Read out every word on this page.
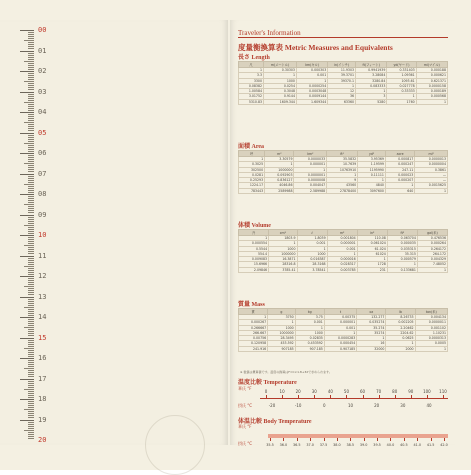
00
01
02
03
04
05
06
07
08
09
10
11
12
13
14
15
16
17
18
19
20
Traveler's Information
度量衡換算表 Metric Measures and Equivalents
長さ Length
尺	m(メートル)	km(キロ)	in(インチ)	ft(フィート)	yd(ヤード)	mi(マイル)
1	0.30303	0.000303	11.9303	0.9941939	0.331403	0.000188
3.3	1	0.001	39.3701	3.28084	1.09361	0.000621
3300	1000	1	39370.1	3280.84	1093.61	0.621371
0.08382	0.0254	0.0000254	1	0.083333	0.027778	0.0000158
1.00584	0.3048	0.0003048	12	1	0.33333	0.000189
3.01752	0.9144	0.0009144	36	3	1	0.000568
5310.83	1609.344	1.609344	63360	5280	1760	1
面積 Area
坪	m²	km²	ft²	yd²	acre	mi²
1	3.30579	0.0000033	35.5832	3.95369	0.000817	0.0000013
0.3025	1	0.000001	10.7639	1.19599	0.000247	0.0000004
302500	1000000	1	10763910	1195990	247.11	0.3861
0.0281	0.092903	0.0000001	1	0.11111	0.000023	—
0.25293	0.836127	0.0000008	9	1	0.000207	—
1224.17	4046.86	0.004047	43560	4840	1	0.0015625
783443	2589988	2.589988	27878400	3097600	640	1
体積 Volume
升	cm³	ℓ	m³	in³	ft³	gal(米)
1	1803.9	1.8039	0.001804	110.08	0.063704	0.476536
0.000554	1	0.001	0.000001	0.061024	0.000035	0.000264
0.5544	1000	1	0.001	61.024	0.035315	0.264172
554.4	1000000	1000	1	61024	35.315	264.172
0.009083	16.3871	0.016387	0.000016	1	0.000579	0.004329
15.6966	28316.8	28.3168	0.028317	1728	1	7.48052
2.09846	3785.41	3.78541	0.003785	231	0.133681	1
質量 Mass
貫	g	kg	t	oz	lb	ton(米)
1	3750	3.75	0.00375	132.277	8.26733	0.004134
0.000267	1	0.001	0.000001	0.035274	0.002205	0.0000011
0.266667	1000	1	0.001	35.274	2.20462	0.001102
266.667	1000000	1000	1	35274	2204.62	1.10231
0.00756	28.3495	0.02835	0.0000283	1	0.0625	0.0000313
0.120958	453.592	0.453592	0.000454	16	1	0.0005
241.916	907185	907.185	0.907185	32000	2000	1
※ 数値は概算値です。温度の換算はF=C×1.8+32で求められます。
温度比較 Temperature
華氏 °F
摂氏 °C
0	10	20	30	40	50	60	70	80	90 100 110
-20	-10	0	10	20	30	40
体温比較 Body Temperature
華氏 °F
摂氏 °C	35.5 36.0 36.5 37.0 37.5 38.0 38.5 39.0 39.5 40.0 40.5 41.0 41.5 42.0
